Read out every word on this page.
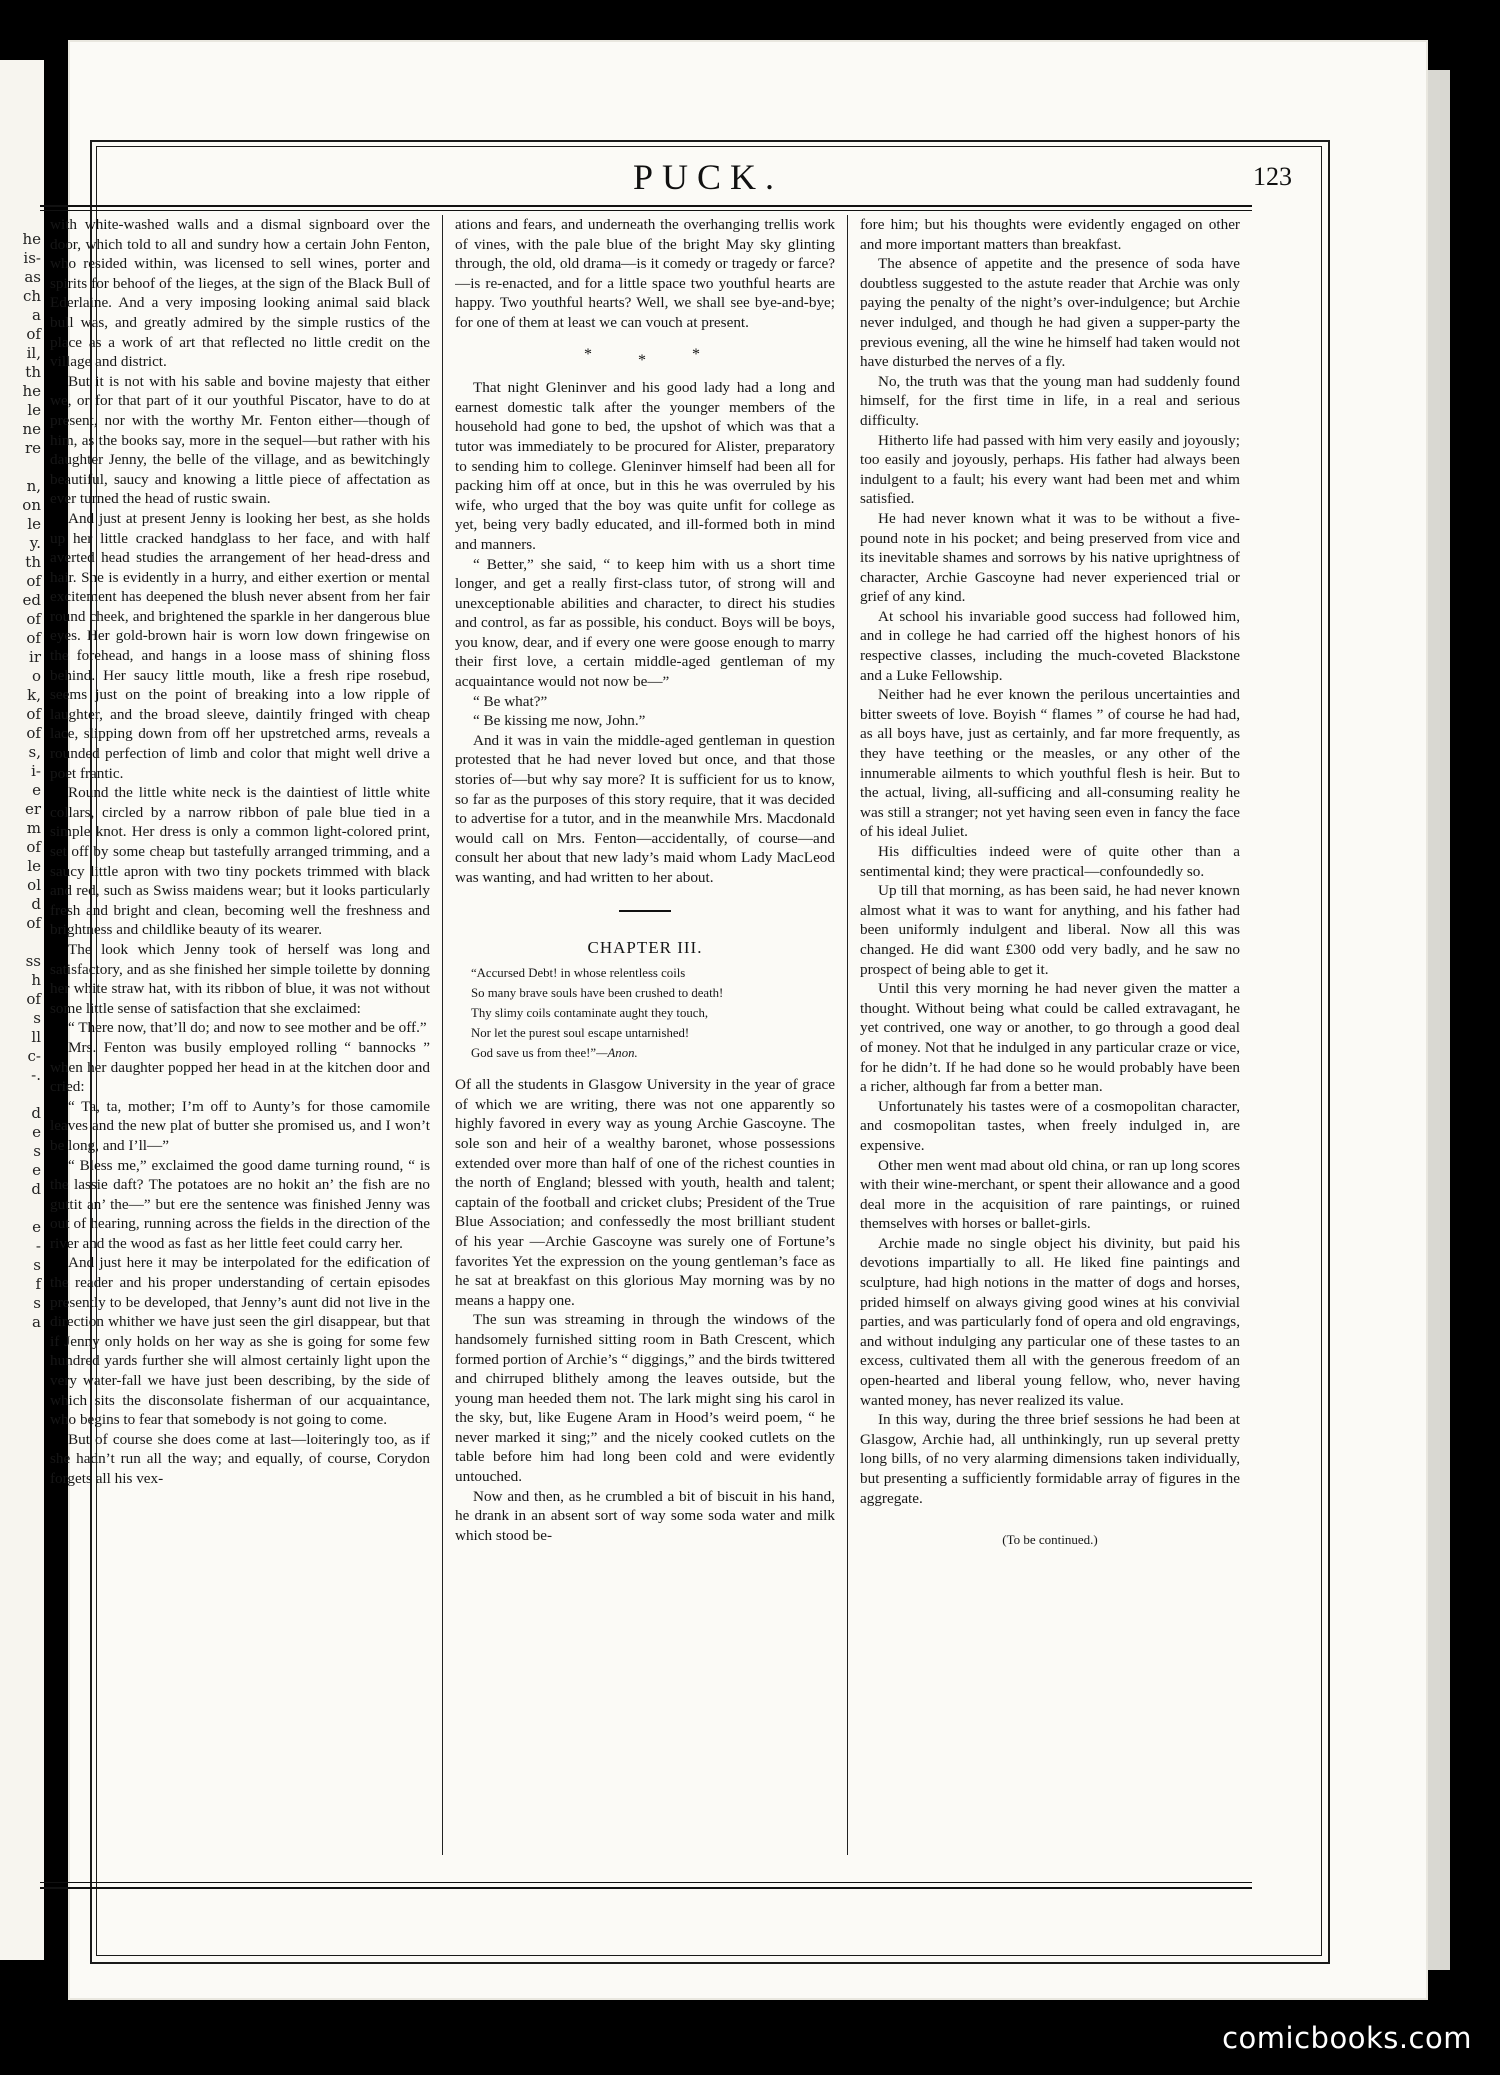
he
is-
as
ch
a
of
il,
th
he
le
ne
re

n,
on
le
y.
th
of
ed
of
of
ir
o
k,
of
of
s,
i-
e
er
m
of
le
ol
d
of

ss
h
of
s
ll
c-
-.

d
e
s
e
d

e
-
s
f
s
a
PUCK.	123

with white-washed walls and a dismal signboard over the door, which told to all and sundry how a certain John Fenton, who resided within, was licensed to sell wines, porter and spirits for behoof of the lieges, at the sign of the Black Bull of Ederlaine. And a very imposing looking animal said black bull was, and greatly admired by the simple rustics of the place as a work of art that reflected no little credit on the village and district.

But it is not with his sable and bovine majesty that either we, or for that part of it our youthful Piscator, have to do at present, nor with the worthy Mr. Fenton either—though of him, as the books say, more in the sequel—but rather with his daughter Jenny, the belle of the village, and as bewitchingly beautiful, saucy and knowing a little piece of affectation as ever turned the head of rustic swain.

And just at present Jenny is looking her best, as she holds up her little cracked handglass to her face, and with half averted head studies the arrangement of her head-dress and hair. She is evidently in a hurry, and either exertion or mental excitement has deepened the blush never absent from her fair round cheek, and brightened the sparkle in her dangerous blue eyes. Her gold-brown hair is worn low down fringewise on the forehead, and hangs in a loose mass of shining floss behind. Her saucy little mouth, like a fresh ripe rosebud, seems just on the point of breaking into a low ripple of laughter, and the broad sleeve, daintily fringed with cheap lace, slipping down from off her upstretched arms, reveals a rounded perfection of limb and color that might well drive a poet frantic.

Round the little white neck is the daintiest of little white collars, circled by a narrow ribbon of pale blue tied in a simple knot. Her dress is only a common light-colored print, set off by some cheap but tastefully arranged trimming, and a saucy little apron with two tiny pockets trimmed with black and red, such as Swiss maidens wear; but it looks particularly fresh and bright and clean, becoming well the freshness and brightness and childlike beauty of its wearer.

The look which Jenny took of herself was long and satisfactory, and as she finished her simple toilette by donning her white straw hat, with its ribbon of blue, it was not without some little sense of satisfaction that she exclaimed:

“ There now, that’ll do; and now to see mother and be off.”

Mrs. Fenton was busily employed rolling “ bannocks ” when her daughter popped her head in at the kitchen door and cried:

“ Ta, ta, mother; I’m off to Aunty’s for those camomile leaves and the new plat of butter she promised us, and I won’t be long, and I’ll—”

“ Bless me,” exclaimed the good dame turning round, “ is the lassie daft? The potatoes are no hokit an’ the fish are no guttit an’ the—” but ere the sentence was finished Jenny was out of hearing, running across the fields in the direction of the river and the wood as fast as her little feet could carry her.

And just here it may be interpolated for the edification of the reader and his proper understanding of certain episodes presently to be developed, that Jenny’s aunt did not live in the direction whither we have just seen the girl disappear, but that if Jenny only holds on her way as she is going for some few hundred yards further she will almost certainly light upon the very water-fall we have just been describing, by the side of which sits the disconsolate fisherman of our acquaintance, who begins to fear that somebody is not going to come.

But of course she does come at last—loiteringly too, as if she hadn’t run all the way; and equally, of course, Corydon forgets all his vex-

ations and fears, and underneath the overhanging trellis work of vines, with the pale blue of the bright May sky glinting through, the old, old drama—is it comedy or tragedy or farce?—is re-enacted, and for a little space two youthful hearts are happy. Two youthful hearts? Well, we shall see bye-and-bye; for one of them at least we can vouch at present.

*	*	*

That night Gleninver and his good lady had a long and earnest domestic talk after the younger members of the household had gone to bed, the upshot of which was that a tutor was immediately to be procured for Alister, preparatory to sending him to college. Gleninver himself had been all for packing him off at once, but in this he was overruled by his wife, who urged that the boy was quite unfit for college as yet, being very badly educated, and ill-formed both in mind and manners.

“ Better,” she said, “ to keep him with us a short time longer, and get a really first-class tutor, of strong will and unexceptionable abilities and character, to direct his studies and control, as far as possible, his conduct. Boys will be boys, you know, dear, and if every one were goose enough to marry their first love, a certain middle-aged gentleman of my acquaintance would not now be—”

“ Be what?”

“ Be kissing me now, John.”

And it was in vain the middle-aged gentleman in question protested that he had never loved but once, and that those stories of—but why say more? It is sufficient for us to know, so far as the purposes of this story require, that it was decided to advertise for a tutor, and in the meanwhile Mrs. Macdonald would call on Mrs. Fenton—accidentally, of course—and consult her about that new lady’s maid whom Lady MacLeod was wanting, and had written to her about.

CHAPTER III.
“Accursed Debt! in whose relentless coils
So many brave souls have been crushed to death!
Thy slimy coils contaminate aught they touch,
Nor let the purest soul escape untarnished!
God save us from thee!”—Anon.

Of all the students in Glasgow University in the year of grace of which we are writing, there was not one apparently so highly favored in every way as young Archie Gascoyne. The sole son and heir of a wealthy baronet, whose possessions extended over more than half of one of the richest counties in the north of England; blessed with youth, health and talent; captain of the football and cricket clubs; President of the True Blue Association; and confessedly the most brilliant student of his year —Archie Gascoyne was surely one of Fortune’s favorites Yet the expression on the young gentleman’s face as he sat at breakfast on this glorious May morning was by no means a happy one.

The sun was streaming in through the windows of the handsomely furnished sitting room in Bath Crescent, which formed portion of Archie’s “ diggings,” and the birds twittered and chirruped blithely among the leaves outside, but the young man heeded them not. The lark might sing his carol in the sky, but, like Eugene Aram in Hood’s weird poem, “ he never marked it sing;” and the nicely cooked cutlets on the table before him had long been cold and were evidently untouched.

Now and then, as he crumbled a bit of biscuit in his hand, he drank in an absent sort of way some soda water and milk which stood be-

fore him; but his thoughts were evidently engaged on other and more important matters than breakfast.

The absence of appetite and the presence of soda have doubtless suggested to the astute reader that Archie was only paying the penalty of the night’s over-indulgence; but Archie never indulged, and though he had given a supper-party the previous evening, all the wine he himself had taken would not have disturbed the nerves of a fly.

No, the truth was that the young man had suddenly found himself, for the first time in life, in a real and serious difficulty.

Hitherto life had passed with him very easily and joyously; too easily and joyously, perhaps. His father had always been indulgent to a fault; his every want had been met and whim satisfied.

He had never known what it was to be without a five-pound note in his pocket; and being preserved from vice and its inevitable shames and sorrows by his native uprightness of character, Archie Gascoyne had never experienced trial or grief of any kind.

At school his invariable good success had followed him, and in college he had carried off the highest honors of his respective classes, including the much-coveted Blackstone and a Luke Fellowship.

Neither had he ever known the perilous uncertainties and bitter sweets of love. Boyish “ flames ” of course he had had, as all boys have, just as certainly, and far more frequently, as they have teething or the measles, or any other of the innumerable ailments to which youthful flesh is heir. But to the actual, living, all-sufficing and all-consuming reality he was still a stranger; not yet having seen even in fancy the face of his ideal Juliet.

His difficulties indeed were of quite other than a sentimental kind; they were practical—confoundedly so.

Up till that morning, as has been said, he had never known almost what it was to want for anything, and his father had been uniformly indulgent and liberal. Now all this was changed. He did want £300 odd very badly, and he saw no prospect of being able to get it.

Until this very morning he had never given the matter a thought. Without being what could be called extravagant, he yet contrived, one way or another, to go through a good deal of money. Not that he indulged in any particular craze or vice, for he didn’t. If he had done so he would probably have been a richer, although far from a better man.

Unfortunately his tastes were of a cosmopolitan character, and cosmopolitan tastes, when freely indulged in, are expensive.

Other men went mad about old china, or ran up long scores with their wine-merchant, or spent their allowance and a good deal more in the acquisition of rare paintings, or ruined themselves with horses or ballet-girls.

Archie made no single object his divinity, but paid his devotions impartially to all. He liked fine paintings and sculpture, had high notions in the matter of dogs and horses, prided himself on always giving good wines at his convivial parties, and was particularly fond of opera and old engravings, and without indulging any particular one of these tastes to an excess, cultivated them all with the generous freedom of an open-hearted and liberal young fellow, who, never having wanted money, has never realized its value.

In this way, during the three brief sessions he had been at Glasgow, Archie had, all unthinkingly, run up several pretty long bills, of no very alarming dimensions taken individually, but presenting a sufficiently formidable array of figures in the aggregate.

(To be continued.)
comicbooks.com
